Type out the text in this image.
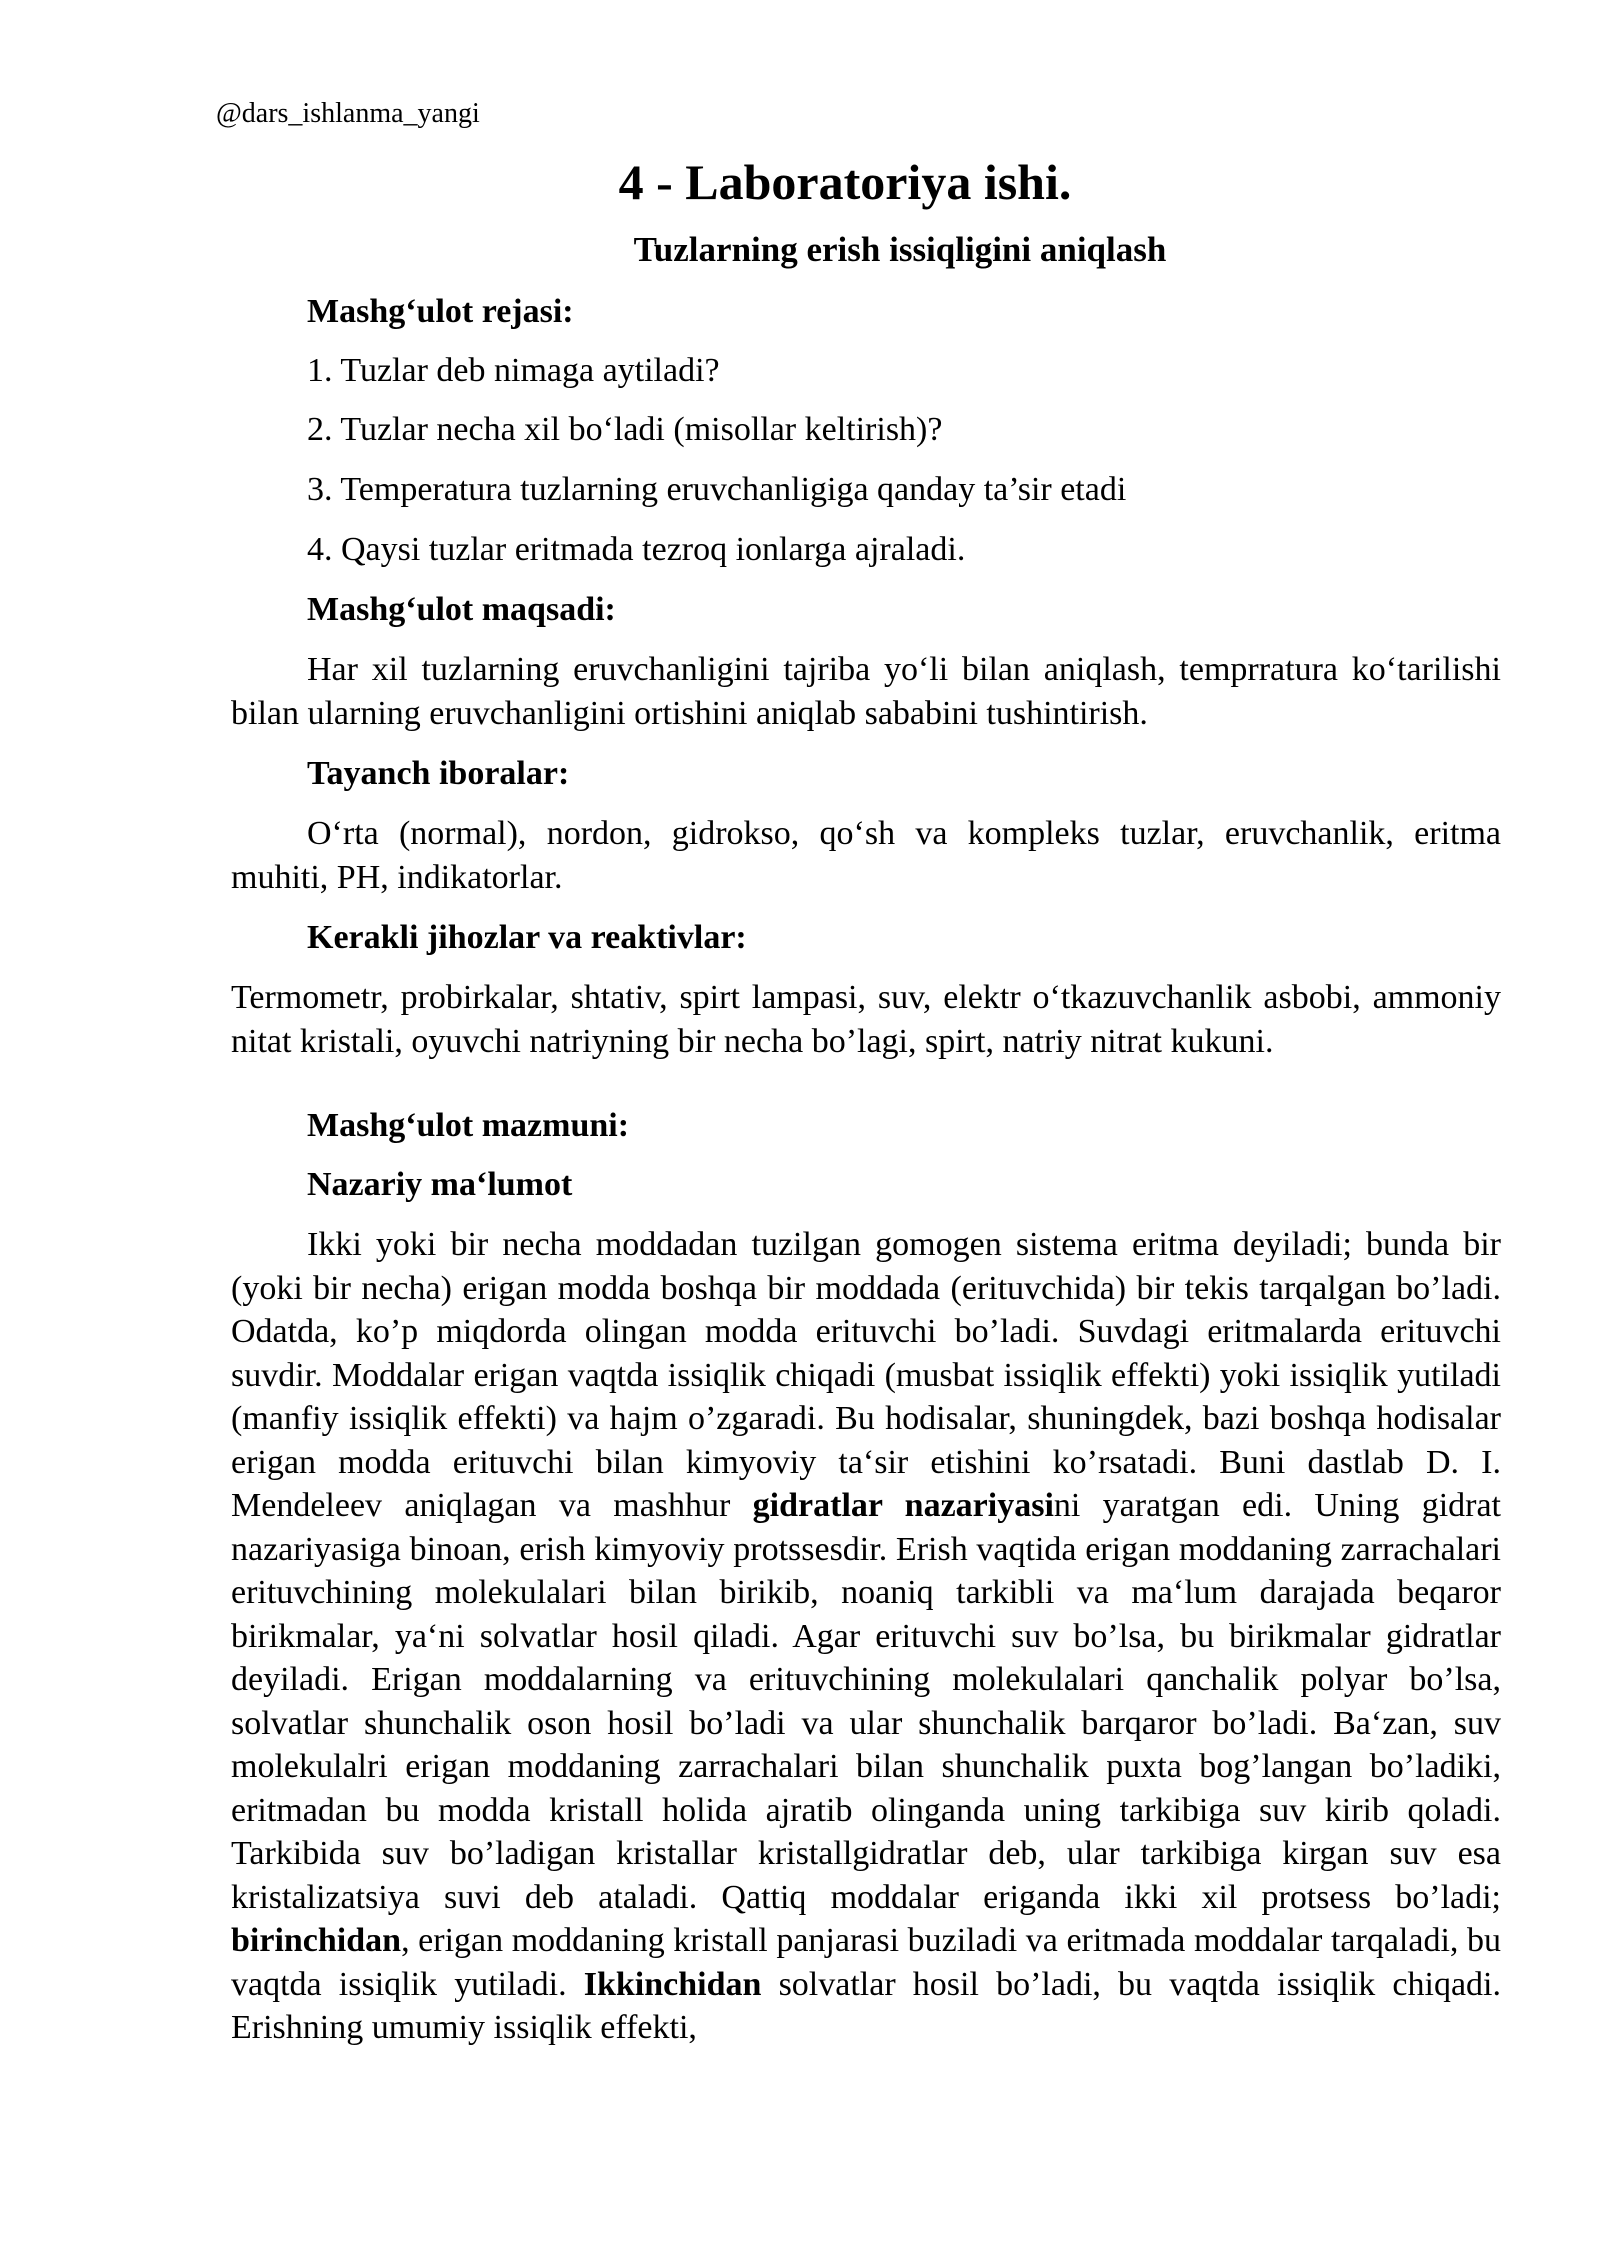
@dars_ishlanma_yangi
4 - Laboratoriya ishi.
Tuzlarning erish issiqligini aniqlash
Mashg‘ulot rejasi:
1. Tuzlar deb nimaga aytiladi?
2. Tuzlar necha xil bo‘ladi (misollar keltirish)?
3. Temperatura tuzlarning eruvchanligiga qanday ta’sir etadi
4. Qaysi tuzlar eritmada tezroq ionlarga ajraladi.
Mashg‘ulot maqsadi:
Har xil tuzlarning eruvchanligini tajriba yo‘li bilan aniqlash, temprratura ko‘tarilishi bilan ularning eruvchanligini ortishini aniqlab sababini tushintirish.
Tayanch iboralar:
O‘rta (normal), nordon, gidrokso, qo‘sh va kompleks tuzlar, eruvchanlik, eritma muhiti, PH, indikatorlar.
Kerakli jihozlar va reaktivlar:
Termometr, probirkalar, shtativ, spirt lampasi, suv, elektr o‘tkazuvchanlik asbobi, ammoniy nitat kristali, oyuvchi natriyning bir necha bo’lagi, spirt, natriy nitrat kukuni.
Mashg‘ulot mazmuni:
Nazariy ma‘lumot
Ikki yoki bir necha moddadan tuzilgan gomogen sistema eritma deyiladi; bunda bir (yoki bir necha) erigan modda boshqa bir moddada (erituvchida) bir tekis tarqalgan bo’ladi. Odatda, ko’p miqdorda olingan modda erituvchi bo’ladi. Suvdagi eritmalarda erituvchi suvdir. Moddalar erigan vaqtda issiqlik chiqadi (musbat issiqlik effekti) yoki issiqlik yutiladi (manfiy issiqlik effekti) va hajm o’zgaradi. Bu hodisalar, shuningdek, bazi boshqa hodisalar erigan modda erituvchi bilan kimyoviy ta‘sir etishini ko’rsatadi. Buni dastlab D. I. Mendeleev aniqlagan va mashhur gidratlar nazariyasini yaratgan edi. Uning gidrat nazariyasiga binoan, erish kimyoviy protssesdir. Erish vaqtida erigan moddaning zarrachalari erituvchining molekulalari bilan birikib, noaniq tarkibli va ma‘lum darajada beqaror birikmalar, ya‘ni solvatlar hosil qiladi. Agar erituvchi suv bo’lsa, bu birikmalar gidratlar deyiladi. Erigan moddalarning va erituvchining molekulalari qanchalik polyar bo’lsa, solvatlar shunchalik oson hosil bo’ladi va ular shunchalik barqaror bo’ladi. Ba‘zan, suv molekulalri erigan moddaning zarrachalari bilan shunchalik puxta bog’langan bo’ladiki, eritmadan bu modda kristall holida ajratib olinganda uning tarkibiga suv kirib qoladi. Tarkibida suv bo’ladigan kristallar kristallgidratlar deb, ular tarkibiga kirgan suv esa kristalizatsiya suvi deb ataladi. Qattiq moddalar eriganda ikki xil protsess bo’ladi; birinchidan, erigan moddaning kristall panjarasi buziladi va eritmada moddalar tarqaladi, bu vaqtda issiqlik yutiladi. Ikkinchidan solvatlar hosil bo’ladi, bu vaqtda issiqlik chiqadi. Erishning umumiy issiqlik effekti,
